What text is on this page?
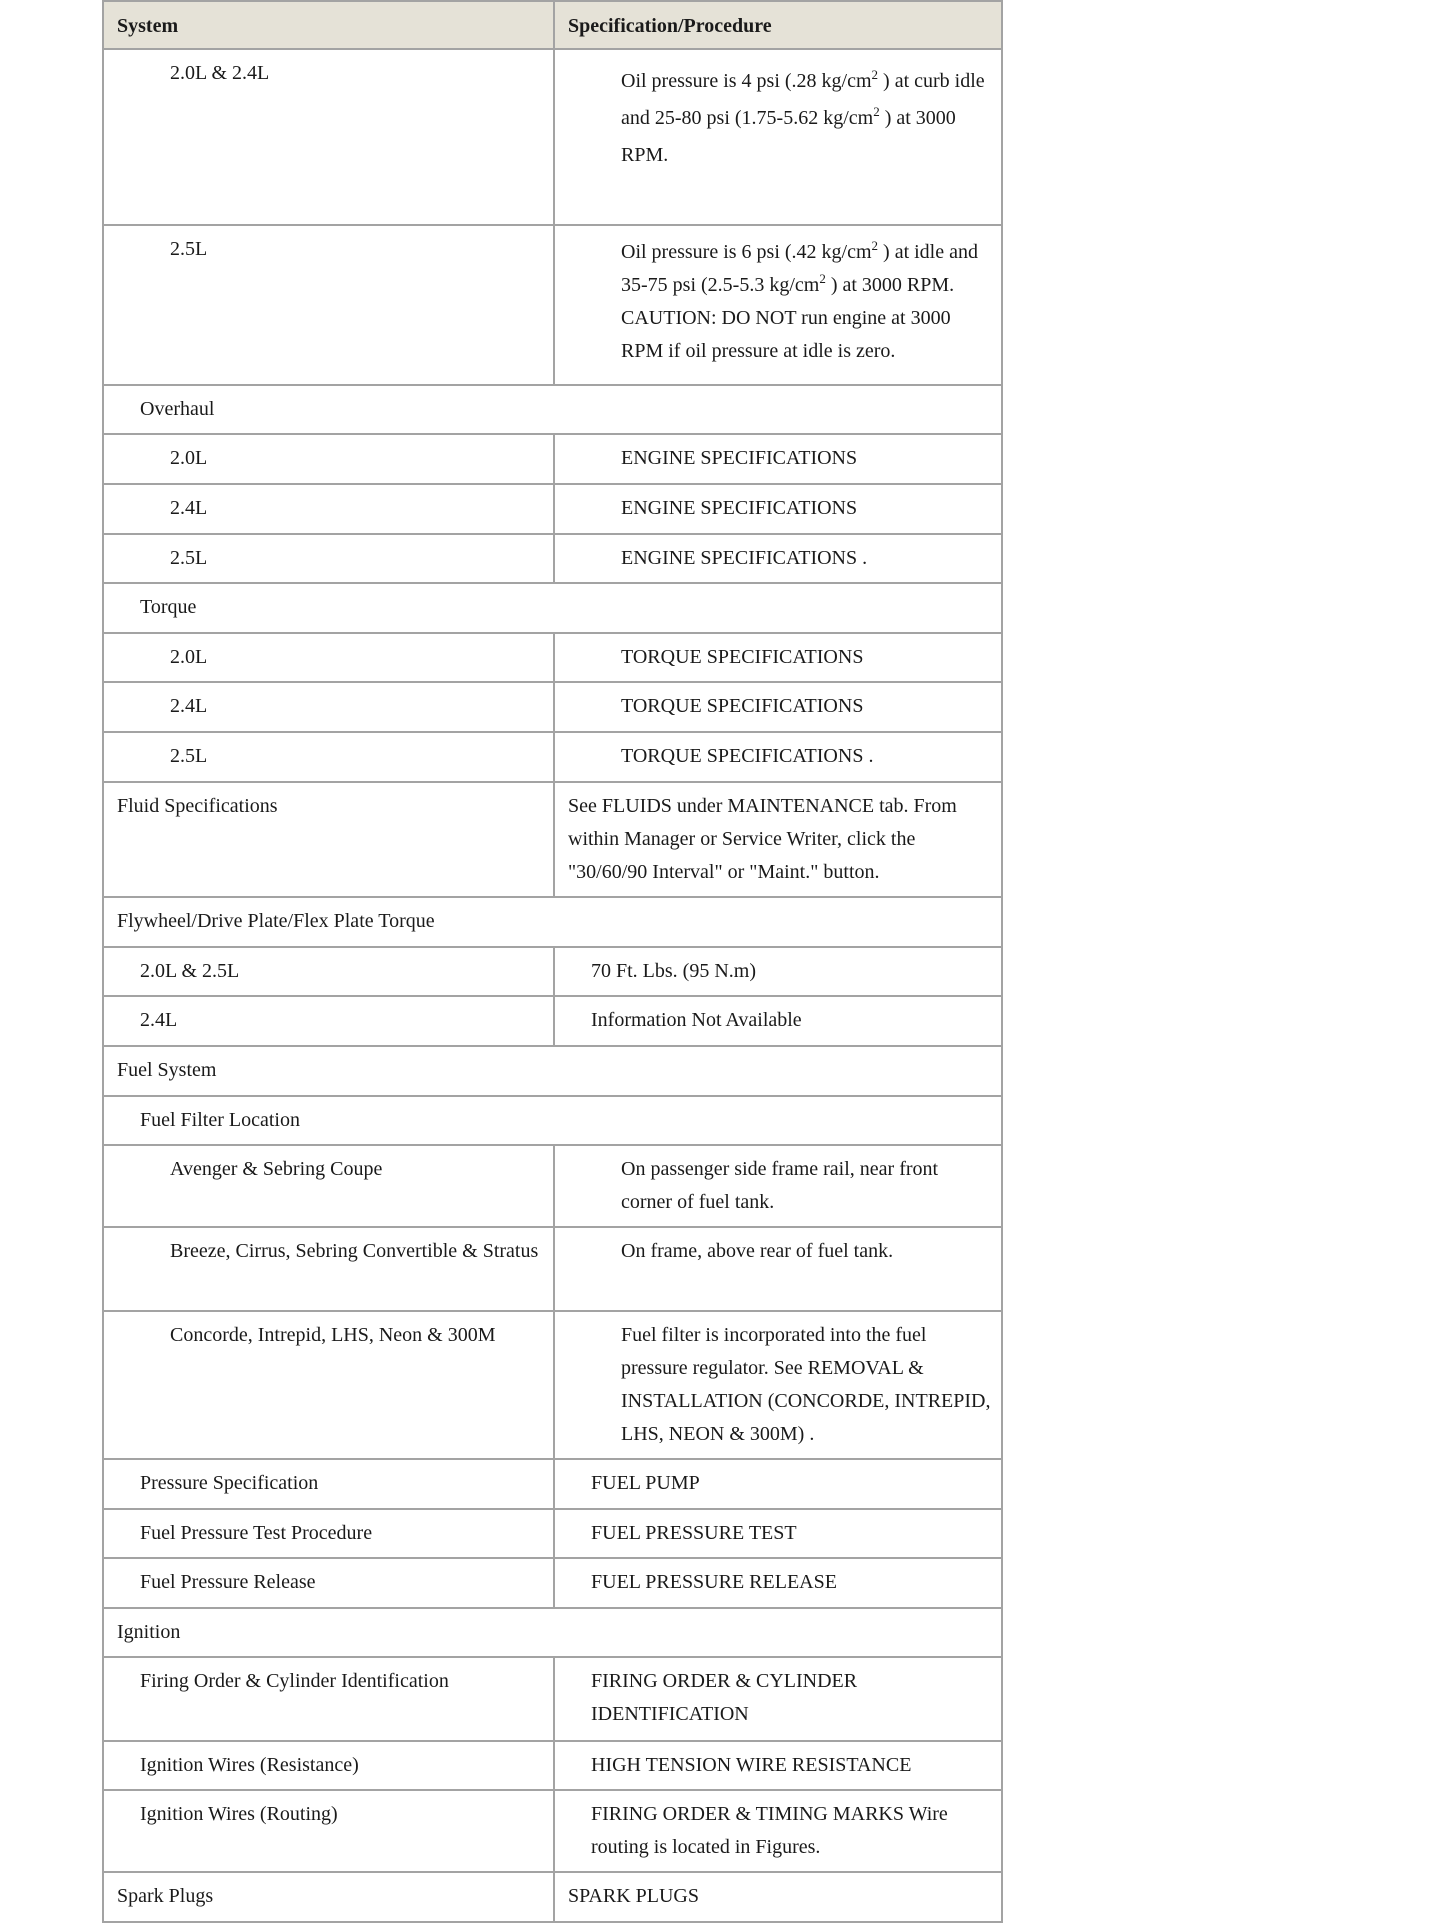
System	Specification/Procedure
2.0L & 2.4L	Oil pressure is 4 psi (.28 $kg/cm^2$ ) at curb idle and 25-80 psi (1.75-5.62 $kg/cm^2$ ) at 3000 RPM.
2.5L	Oil pressure is 6 psi (.42 $kg/cm^2$ ) at idle and 35-75 psi (2.5-5.3 $kg/cm^2$ ) at 3000 RPM. CAUTION: DO NOT run engine at 3000 RPM if oil pressure at idle is zero.
Overhaul	
2.0L	ENGINE SPECIFICATIONS
2.4L	ENGINE SPECIFICATIONS
2.5L	ENGINE SPECIFICATIONS .
Torque	
2.0L	TORQUE SPECIFICATIONS
2.4L	TORQUE SPECIFICATIONS
2.5L	TORQUE SPECIFICATIONS .
Fluid Specifications	See FLUIDS under MAINTENANCE tab. From within Manager or Service Writer, click the "30/60/90 Interval" or "Maint." button.
Flywheel/Drive Plate/Flex Plate Torque	
2.0L & 2.5L	70 Ft. Lbs. (95 N.m)
2.4L	Information Not Available
Fuel System	
Fuel Filter Location	
Avenger & Sebring Coupe	On passenger side frame rail, near front corner of fuel tank.
Breeze, Cirrus, Sebring Convertible & Stratus	On frame, above rear of fuel tank.
Concorde, Intrepid, LHS, Neon & 300M	Fuel filter is incorporated into the fuel pressure regulator. See REMOVAL & INSTALLATION (CONCORDE, INTREPID, LHS, NEON & 300M) .
Pressure Specification	FUEL PUMP
Fuel Pressure Test Procedure	FUEL PRESSURE TEST
Fuel Pressure Release	FUEL PRESSURE RELEASE
Ignition	
Firing Order & Cylinder Identification	FIRING ORDER & CYLINDER IDENTIFICATION
Ignition Wires (Resistance)	HIGH TENSION WIRE RESISTANCE
Ignition Wires (Routing)	FIRING ORDER & TIMING MARKS Wire routing is located in Figures.
Spark Plugs	SPARK PLUGS
